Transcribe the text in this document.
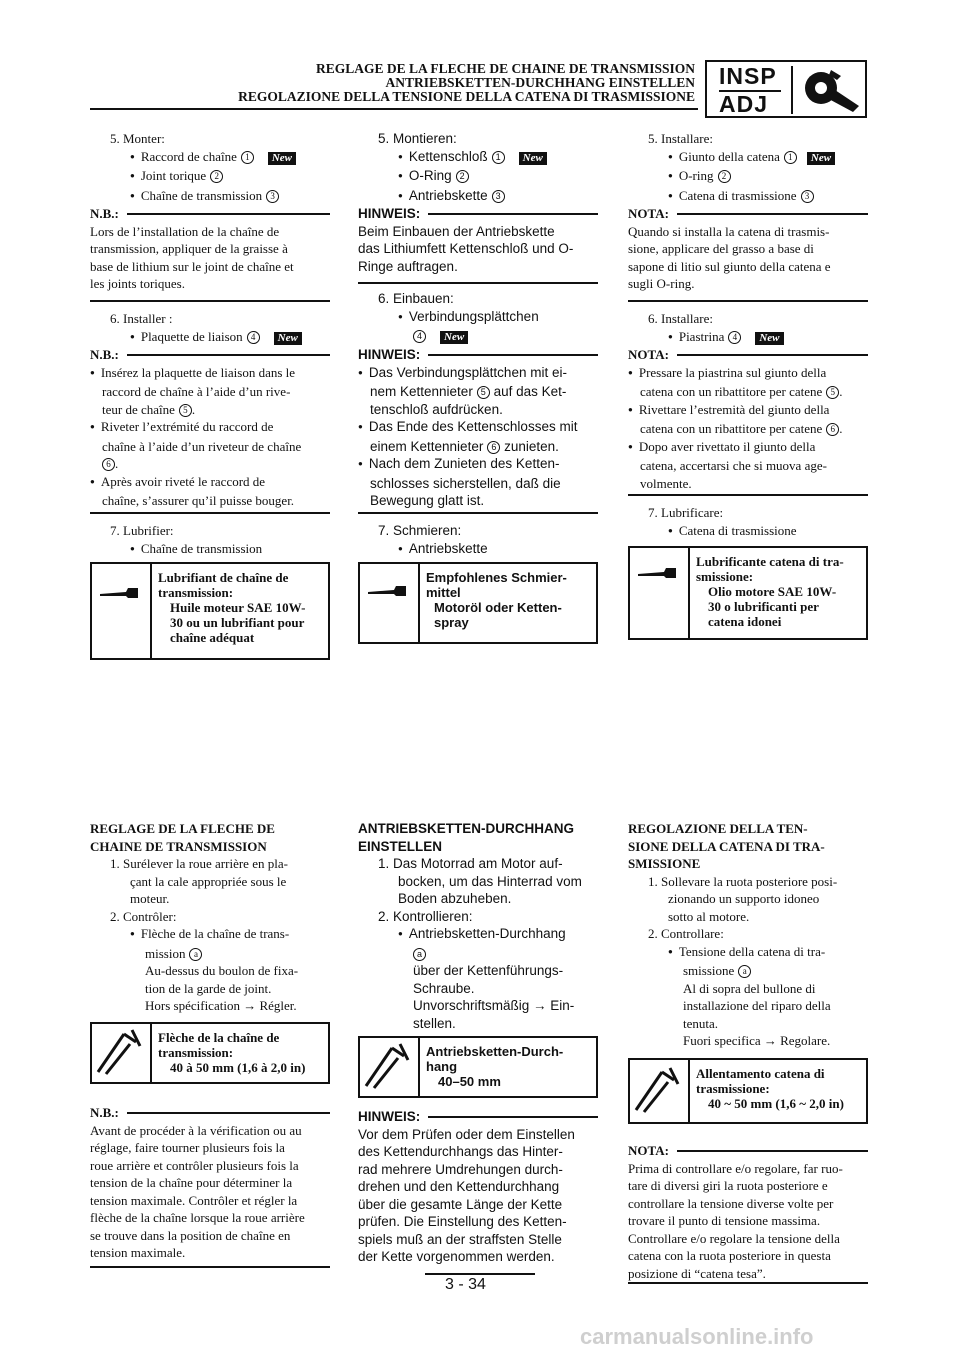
REGLAGE DE LA FLECHE DE CHAINE DE TRANSMISSION
ANTRIEBSKETTEN-DURCHHANG EINSTELLEN
REGOLAZIONE DELLA TENSIONE DELLA CATENA DI TRASMISSIONE
INSP
ADJ
5. Monter:
● Raccord de chaîne 1 New
● Joint torique 2
● Chaîne de transmission 3
N.B.:
Lors de l’installation de la chaîne de
transmission, appliquer de la graisse à
base de lithium sur le joint de chaîne et
les joints toriques.
6. Installer :
● Plaquette de liaison 4 New
N.B.:
● Insérez la plaquette de liaison dans le
raccord de chaîne à l’aide d’un rive-
teur de chaîne 5 .
● Riveter l’extrémité du raccord de
chaîne à l’aide d’un riveteur de chaîne
6 .
● Après avoir riveté le raccord de
chaîne, s’assurer qu’il puisse bouger.
7. Lubrifier:
● Chaîne de transmission
Lubrifiant de chaîne de
transmission:
Huile moteur SAE 10W-
30 ou un lubrifiant pour
chaîne adéquat
5. Montieren:
● Kettenschloß 1 New
● O-Ring 2
● Antriebskette 3
HINWEIS:
Beim Einbauen der Antriebskette
das Lithiumfett Kettenschloß und O-
Ringe auftragen.
6. Einbauen:
● Verbindungsplättchen
4 New
HINWEIS:
● Das Verbindungsplättchen mit ei-
nem Kettennieter 5 auf das Ket-
tenschloß aufdrücken.
● Das Ende des Kettenschlosses mit
einem Kettennieter 6 zunieten.
● Nach dem Zunieten des Ketten-
schlosses sicherstellen, daß die
Bewegung glatt ist.
7. Schmieren:
● Antriebskette
Empfohlenes Schmier-
mittel
Motoröl oder Ketten-
spray
5. Installare:
● Giunto della catena 1 New
● O-ring 2
● Catena di trasmissione 3
NOTA:
Quando si installa la catena di trasmis-
sione, applicare del grasso a base di
sapone di litio sul giunto della catena e
sugli O-ring.
6. Installare:
● Piastrina 4 New
NOTA:
● Pressare la piastrina sul giunto della
catena con un ribattitore per catene 5 .
● Rivettare l’estremità del giunto della
catena con un ribattitore per catene 6 .
● Dopo aver rivettato il giunto della
catena, accertarsi che si muova age-
volmente.
7. Lubrificare:
● Catena di trasmissione
Lubrificante catena di tra-
smissione:
Olio motore SAE 10W-
30 o lubrificanti per
catena idonei
REGLAGE DE LA FLECHE DE
CHAINE DE TRANSMISSION
1. Surélever la roue arrière en pla-
çant la cale appropriée sous le
moteur.
2. Contrôler:
● Flèche de la chaîne de trans-
mission a
Au-dessus du boulon de fixa-
tion de la garde de joint.
Hors spécification → Régler.
Flèche de la chaîne de
transmission:
40 à 50 mm (1,6 à 2,0 in)
N.B.:
Avant de procéder à la vérification ou au
réglage, faire tourner plusieurs fois la
roue arrière et contrôler plusieurs fois la
tension de la chaîne pour déterminer la
tension maximale. Contrôler et régler la
flèche de la chaîne lorsque la roue arrière
se trouve dans la position de chaîne en
tension maximale.
ANTRIEBSKETTEN-DURCHHANG
EINSTELLEN
1. Das Motorrad am Motor auf-
bocken, um das Hinterrad vom
Boden abzuheben.
2. Kontrollieren:
● Antriebsketten-Durchhang
a
über der Kettenführungs-
Schraube.
Unvorschriftsmäßig → Ein-
stellen.
Antriebsketten-Durch-
hang
40–50 mm
HINWEIS:
Vor dem Prüfen oder dem Einstellen
des Kettendurchhangs das Hinter-
rad mehrere Umdrehungen durch-
drehen und den Kettendurchhang
über die gesamte Länge der Kette
prüfen. Die Einstellung des Ketten-
spiels muß an der straffsten Stelle
der Kette vorgenommen werden.
REGOLAZIONE DELLA TEN-
SIONE DELLA CATENA DI TRA-
SMISSIONE
1. Sollevare la ruota posteriore posi-
zionando un supporto idoneo
sotto al motore.
2. Controllare:
● Tensione della catena di tra-
smissione a
Al di sopra del bullone di
installazione del riparo della
tenuta.
Fuori specifica → Regolare.
Allentamento catena di
trasmissione:
40 ~ 50 mm (1,6 ~ 2,0 in)
NOTA:
Prima di controllare e/o regolare, far ruo-
tare di diversi giri la ruota posteriore e
controllare la tensione diverse volte per
trovare il punto di tensione massima.
Controllare e/o regolare la tensione della
catena con la ruota posteriore in questa
posizione di “catena tesa”.
3 - 34
carmanualsonline.info
